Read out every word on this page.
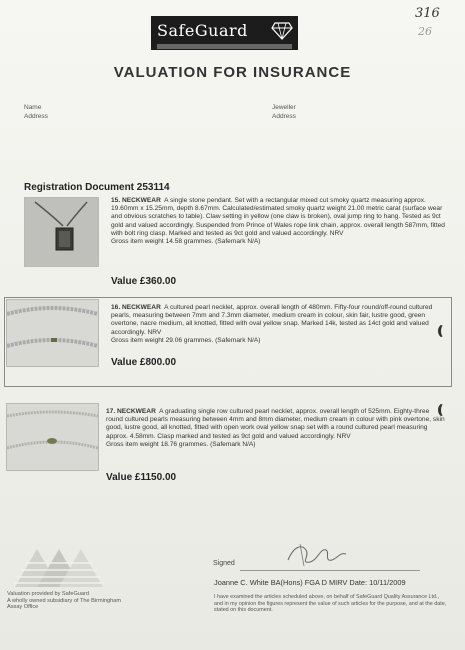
316
26
SafeGuard
VALUATION FOR INSURANCE
Name
Address
Jeweller
Address
Registration Document 253114
15. NECKWEAR A single stone pendant. Set with a rectangular mixed cut smoky quartz measuring approx. 19.60mm x 15.25mm, depth 8.67mm. Calculated/estimated smoky quartz weight 21.00 metric carat (surface wear and obvious scratches to table). Claw setting in yellow (one claw is broken), oval jump ring to hang. Tested as 9ct gold and valued accordingly. Suspended from Prince of Wales rope link chain, approx. overall length 587mm, fitted with bolt ring clasp. Marked and tested as 9ct gold and valued accordingly. NRV
Gross item weight 14.58 grammes. (Safemark N/A)
Value £360.00
16. NECKWEAR A cultured pearl necklet, approx. overall length of 480mm. Fifty-four round/off-round cultured pearls, measuring between 7mm and 7.3mm diameter, medium cream in colour, skin fair, lustre good, green overtone, nacre medium, all knotted, fitted with oval yellow snap. Marked 14k, tested as 14ct gold and valued accordingly. NRV
Gross item weight 29.06 grammes. (Safemark N/A)
Value £800.00
17. NECKWEAR A graduating single row cultured pearl necklet, approx. overall length of 525mm. Eighty-three round cultured pearls measuring between 4mm and 8mm diameter, medium cream in colour with pink overtone, skin good, lustre good, all knotted, fitted with open work oval yellow snap set with a round cultured pearl measuring approx. 4.58mm. Clasp marked and tested as 9ct gold and valued accordingly. NRV
Gross item weight 18.76 grammes. (Safemark N/A)
Value £1150.00
Valuation provided by SafeGuard
A wholly owned subsidiary of The Birmingham Assay Office
Signed
Joanne C. White BA(Hons) FGA D MIRV Date: 10/11/2009
I have examined the articles scheduled above, on behalf of SafeGuard Quality Assurance Ltd., and in my opinion the figures represent the value of such articles for the purpose, and at the date, stated on this document.
